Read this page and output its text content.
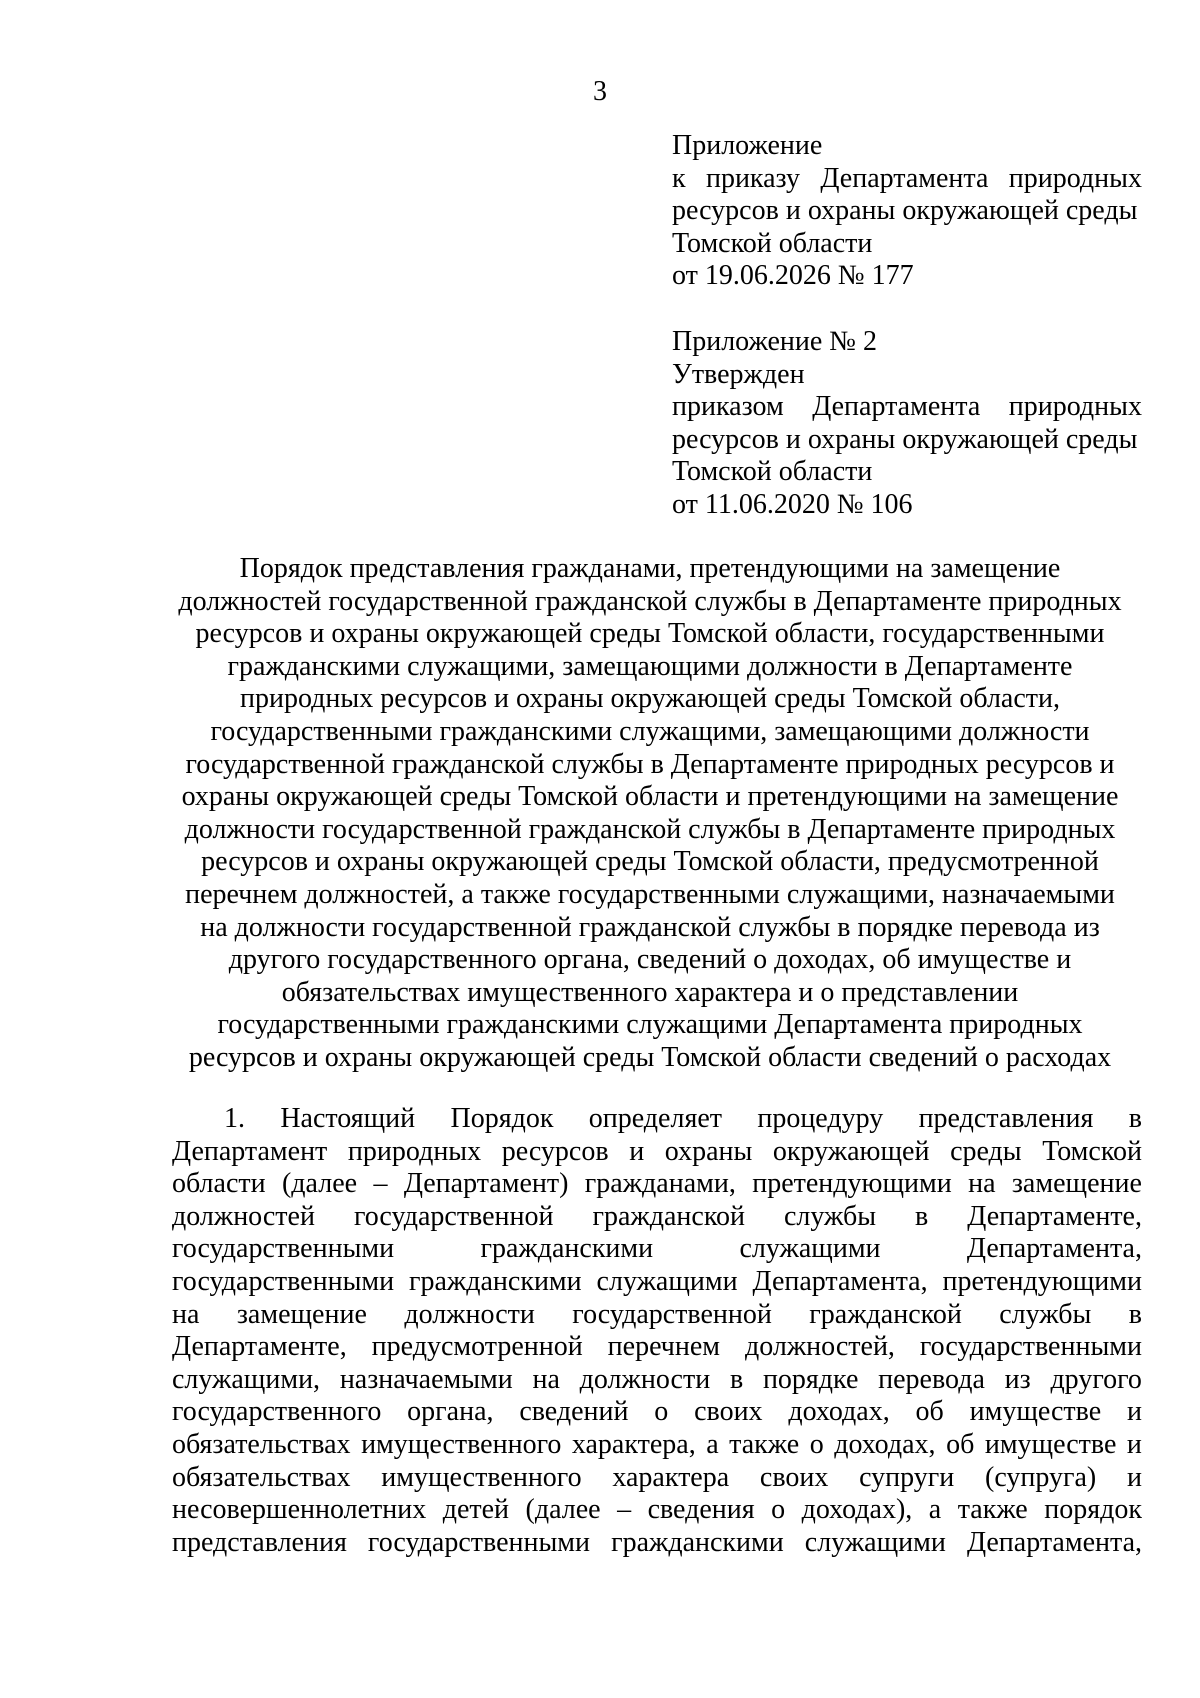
3
Приложение
к приказу Департамента природных
ресурсов и охраны окружающей среды
Томской области
от 19.06.2026 № 177
Приложение № 2
Утвержден
приказом Департамента природных
ресурсов и охраны окружающей среды
Томской области
от 11.06.2020 № 106
Порядок представления гражданами, претендующими на замещение
должностей государственной гражданской службы в Департаменте природных
ресурсов и охраны окружающей среды Томской области, государственными
гражданскими служащими, замещающими должности в Департаменте
природных ресурсов и охраны окружающей среды Томской области,
государственными гражданскими служащими, замещающими должности
государственной гражданской службы в Департаменте природных ресурсов и
охраны окружающей среды Томской области и претендующими на замещение
должности государственной гражданской службы в Департаменте природных
ресурсов и охраны окружающей среды Томской области, предусмотренной
перечнем должностей, а также государственными служащими, назначаемыми
на должности государственной гражданской службы в порядке перевода из
другого государственного органа, сведений о доходах, об имуществе и
обязательствах имущественного характера и о представлении
государственными гражданскими служащими Департамента природных
ресурсов и охраны окружающей среды Томской области сведений о расходах
1. Настоящий Порядок определяет процедуру представления в
Департамент природных ресурсов и охраны окружающей среды Томской
области (далее – Департамент) гражданами, претендующими на замещение
должностей государственной гражданской службы в Департаменте,
государственными	гражданскими	служащими	Департамента,
государственными гражданскими служащими Департамента, претендующими
на замещение должности государственной гражданской службы в
Департаменте, предусмотренной перечнем должностей, государственными
служащими, назначаемыми на должности в порядке перевода из другого
государственного органа, сведений о своих доходах, об имуществе и
обязательствах имущественного характера, а также о доходах, об имуществе и
обязательствах имущественного характера своих супруги (супруга) и
несовершеннолетних детей (далее – сведения о доходах), а также порядок
представления государственными гражданскими служащими Департамента,
